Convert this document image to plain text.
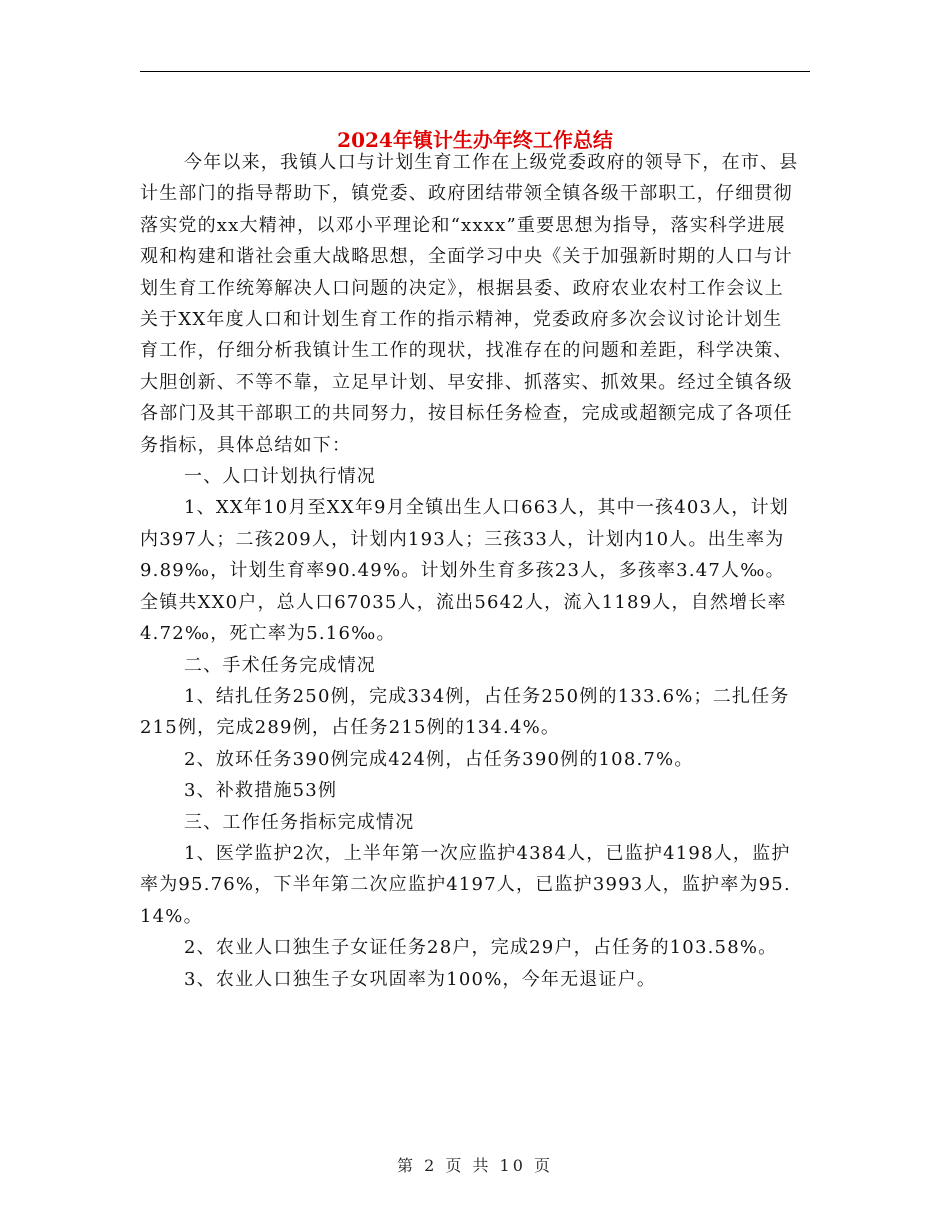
2024年镇计生办年终工作总结

今年以来，我镇人口与计划生育工作在上级党委政府的领导下，在市、县计生部门的指导帮助下，镇党委、政府团结带领全镇各级干部职工，仔细贯彻落实党的xx大精神，以邓小平理论和“xxxx”重要思想为指导，落实科学进展观和构建和谐社会重大战略思想，全面学习中央《关于加强新时期的人口与计划生育工作统筹解决人口问题的决定》，根据县委、政府农业农村工作会议上关于XX年度人口和计划生育工作的指示精神，党委政府多次会议讨论计划生育工作，仔细分析我镇计生工作的现状，找准存在的问题和差距，科学决策、大胆创新、不等不靠，立足早计划、早安排、抓落实、抓效果。经过全镇各级各部门及其干部职工的共同努力，按目标任务检查，完成或超额完成了各项任务指标，具体总结如下：

一、人口计划执行情况

1、XX年10月至XX年9月全镇出生人口663人，其中一孩403人，计划内397人；二孩209人，计划内193人；三孩33人，计划内10人。出生率为9.89‰，计划生育率90.49%。计划外生育多孩23人，多孩率3.47人‰。全镇共XX0户，总人口67035人，流出5642人，流入1189人，自然增长率4.72‰，死亡率为5.16‰。

二、手术任务完成情况

1、结扎任务250例，完成334例，占任务250例的133.6%；二扎任务215例，完成289例，占任务215例的134.4%。

2、放环任务390例完成424例，占任务390例的108.7%。

3、补救措施53例

三、工作任务指标完成情况

1、医学监护2次，上半年第一次应监护4384人，已监护4198人，监护率为95.76%，下半年第二次应监护4197人，已监护3993人，监护率为95.14%。

2、农业人口独生子女证任务28户，完成29户，占任务的103.58%。

3、农业人口独生子女巩固率为100%，今年无退证户。

第 2 页 共 10 页
